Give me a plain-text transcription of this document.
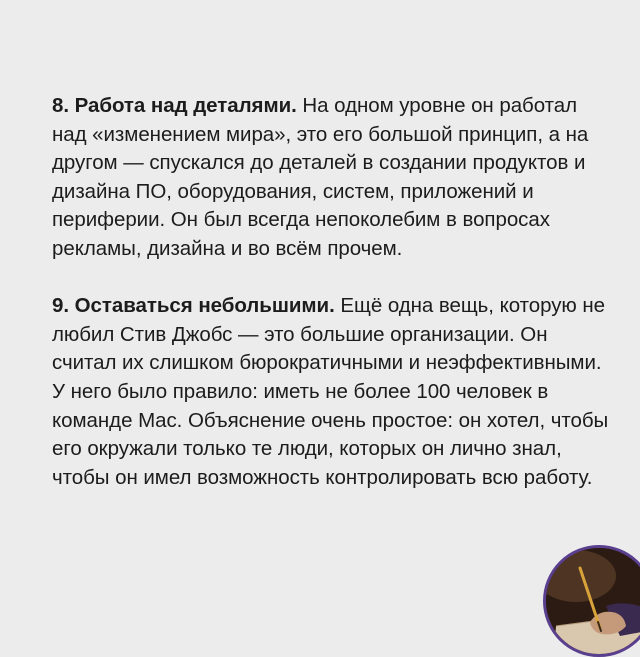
8. Работа над деталями. На одном уровне он работал над «изменением мира», это его большой принцип, а на другом — спускался до деталей в создании продуктов и дизайна ПО, оборудования, систем, приложений и периферии. Он был всегда непоколебим в вопросах рекламы, дизайна и во всём прочем.

9. Оставаться небольшими. Ещё одна вещь, которую не любил Стив Джобс — это большие организации. Он считал их слишком бюрократичными и неэффективными. У него было правило: иметь не более 100 человек в команде Mac. Объяснение очень простое: он хотел, чтобы его окружали только те люди, которых он лично знал, чтобы он имел возможность контролировать всю работу.
